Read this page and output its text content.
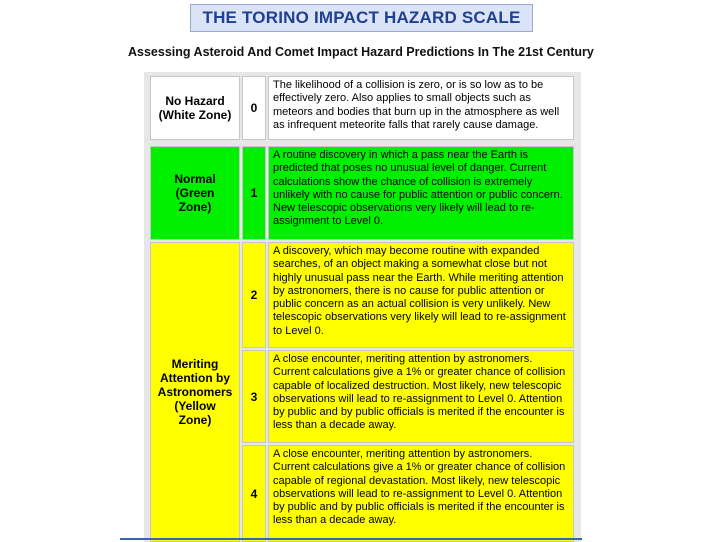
THE TORINO IMPACT HAZARD SCALE
Assessing Asteroid And Comet Impact Hazard Predictions In The 21st Century
No Hazard
(White Zone)	0
The likelihood of a collision is zero, or is so low as to be effectively zero. Also applies to small objects such as meteors and bodies that burn up in the atmosphere as well as infrequent meteorite falls that rarely cause damage.
Normal
(Green
Zone)
1
A routine discovery in which a pass near the Earth is predicted that poses no unusual level of danger. Current calculations show the chance of collision is extremely unlikely with no cause for public attention or public concern. New telescopic observations very likely will lead to re-assignment to Level 0.
Meriting
Attention by
Astronomers
(Yellow
Zone)
2
A discovery, which may become routine with expanded searches, of an object making a somewhat close but not highly unusual pass near the Earth. While meriting attention by astronomers, there is no cause for public attention or public concern as an actual collision is very unlikely. New telescopic observations very likely will lead to re-assignment to Level 0.
3
A close encounter, meriting attention by astronomers. Current calculations give a 1% or greater chance of collision capable of localized destruction. Most likely, new telescopic observations will lead to re-assignment to Level 0. Attention by public and by public officials is merited if the encounter is less than a decade away.
4
A close encounter, meriting attention by astronomers. Current calculations give a 1% or greater chance of collision capable of regional devastation. Most likely, new telescopic observations will lead to re-assignment to Level 0. Attention by public and by public officials is merited if the encounter is less than a decade away.
